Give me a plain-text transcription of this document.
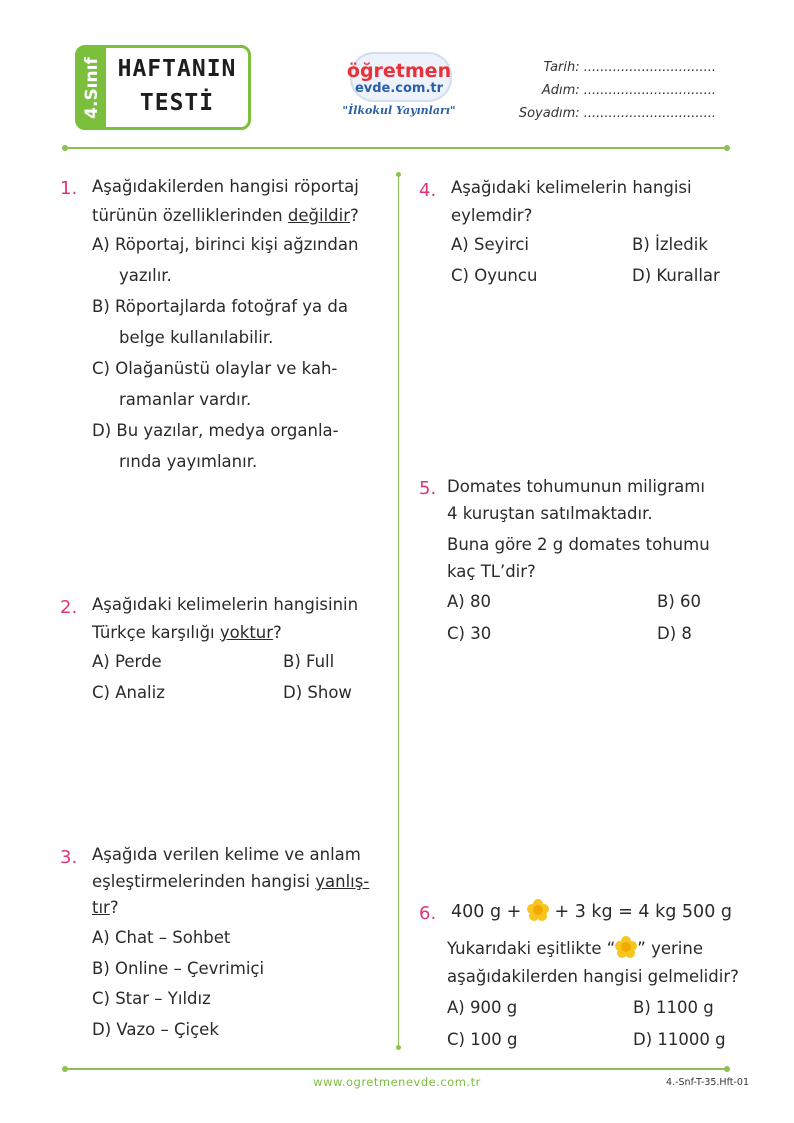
4.Sınıf HAFTANIN
TESTİ
öğretmen
evde.com.tr
"İlkokul Yayınları"
Tarih: ................................
Adım: ................................
Soyadım: ................................
1. Aşağıdakilerden hangisi röportaj
türünün özelliklerinden değildir?
A) Röportaj, birinci kişi ağzından
yazılır.
B) Röportajlarda fotoğraf ya da
belge kullanılabilir.
C) Olağanüstü olaylar ve kah-
ramanlar vardır.
D) Bu yazılar, medya organla-
rında yayımlanır.
2. Aşağıdaki kelimelerin hangisinin
Türkçe karşılığı yoktur?
A) Perde	B) Full
C) Analiz	D) Show
3. Aşağıda verilen kelime ve anlam
eşleştirmelerinden hangisi yanlış-
tır?
A) Chat – Sohbet
B) Online – Çevrimiçi
C) Star – Yıldız
D) Vazo – Çiçek
4. Aşağıdaki kelimelerin hangisi
eylemdir?
A) Seyirci	B) İzledik
C) Oyuncu	D) Kurallar
5. Domates tohumunun miligramı
4 kuruştan satılmaktadır.
Buna göre 2 g domates tohumu
kaç TL’dir?
A) 80	B) 60
C) 30	D) 8
6. 400 g + + 3 kg = 4 kg 500 g
Yukarıdaki eşitlikte “ ” yerine
aşağıdakilerden hangisi gelmelidir?
A) 900 g	B) 1100 g
C) 100 g	D) 11000 g
www.ogretmenevde.com.tr	4.-Snf-T-35.Hft-01
